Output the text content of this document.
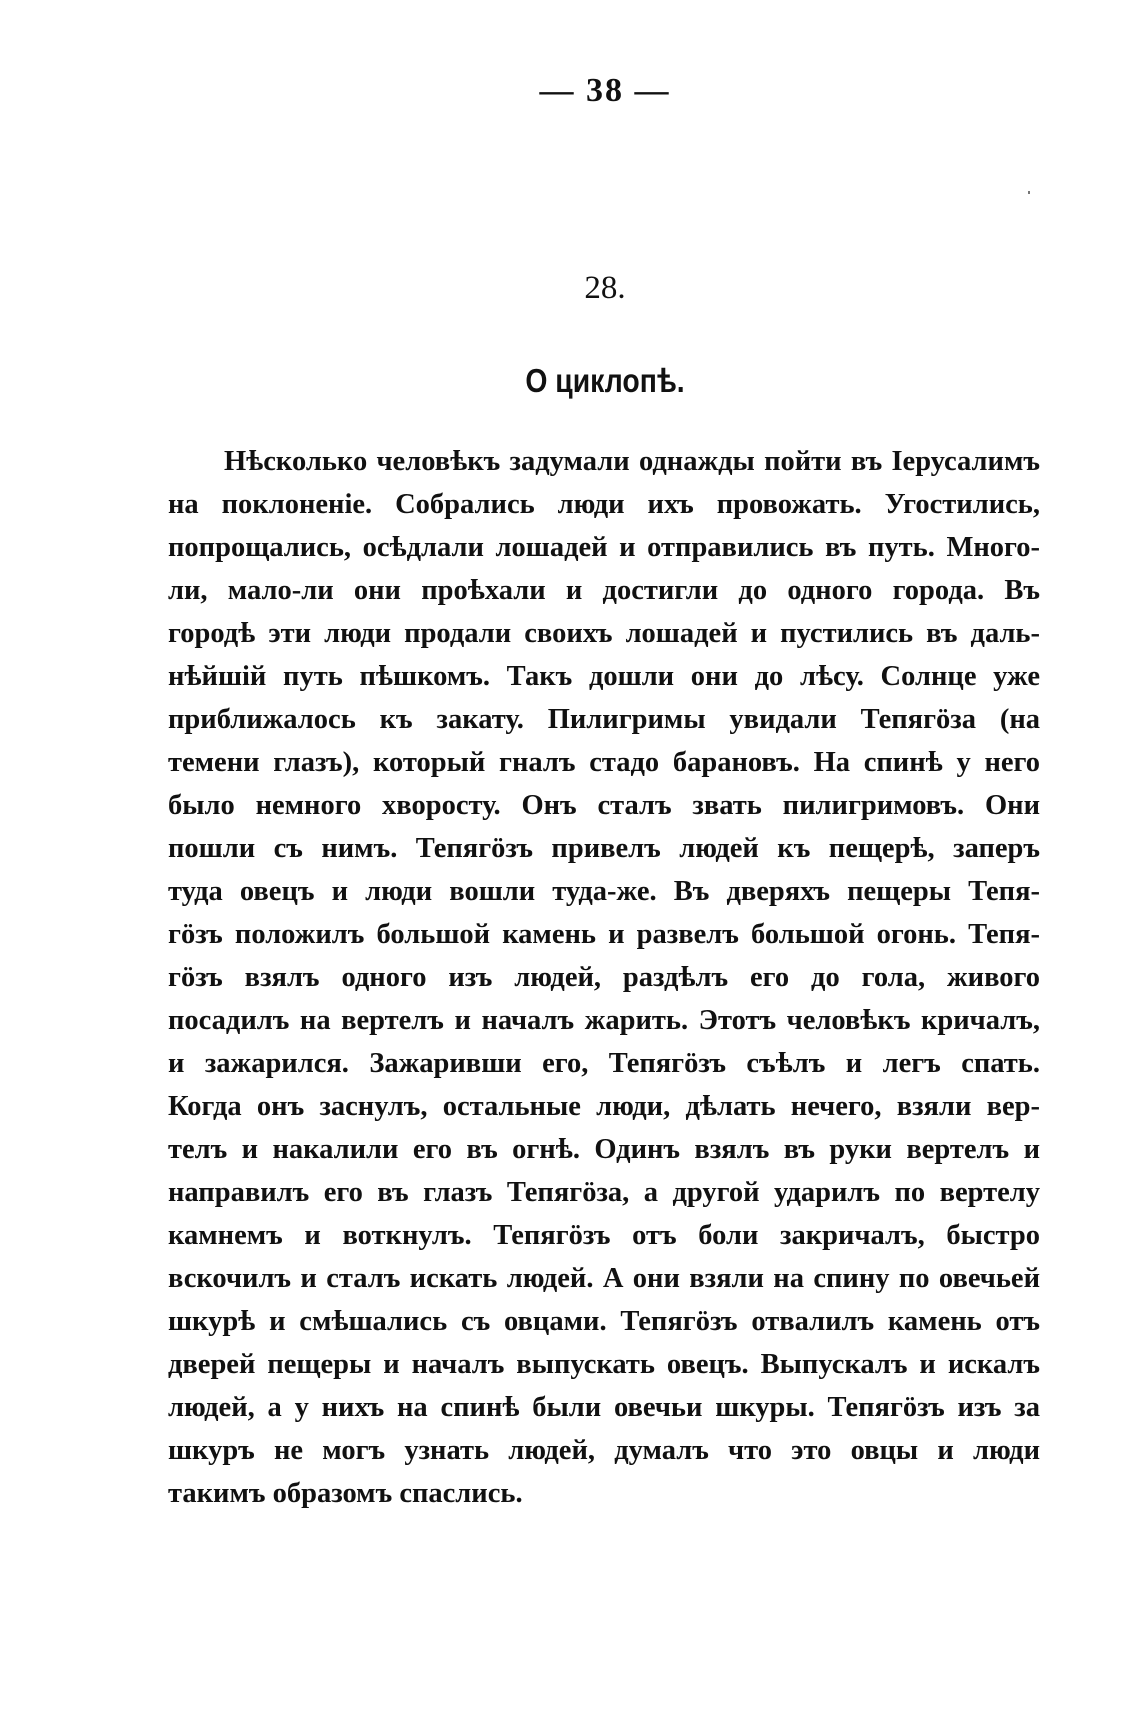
— 38 —
28.
О циклопѣ.
Нѣсколько человѣкъ задумали однажды пойти въ Іерусалимъ
на поклоненіе. Собрались люди ихъ провожать. Угостились,
попрощались, осѣдлали лошадей и отправились въ путь. Много-
ли, мало-ли они проѣхали и достигли до одного города. Въ
городѣ эти люди продали своихъ лошадей и пустились въ даль-
нѣйшій путь пѣшкомъ. Такъ дошли они до лѣсу. Солнце уже
приближалось къ закату. Пилигримы увидали Тепягöза (на
темени глазъ), который гналъ стадо барановъ. На спинѣ у него
было немного хворосту. Онъ сталъ звать пилигримовъ. Они
пошли съ нимъ. Тепягöзъ привелъ людей къ пещерѣ, заперъ
туда овецъ и люди вошли туда-же. Въ дверяхъ пещеры Тепя-
гöзъ положилъ большой камень и развелъ большой огонь. Тепя-
гöзъ взялъ одного изъ людей, раздѣлъ его до гола, живого
посадилъ на вертелъ и началъ жарить. Этотъ человѣкъ кричалъ,
и зажарился. Зажаривши его, Тепягöзъ съѣлъ и легъ спать.
Когда онъ заснулъ, остальные люди, дѣлать нечего, взяли вер-
телъ и накалили его въ огнѣ. Одинъ взялъ въ руки вертелъ и
направилъ его въ глазъ Тепягöза, а другой ударилъ по вертелу
камнемъ и воткнулъ. Тепягöзъ отъ боли закричалъ, быстро
вскочилъ и сталъ искать людей. А они взяли на спину по овечьей
шкурѣ и смѣшались съ овцами. Тепягöзъ отвалилъ камень отъ
дверей пещеры и началъ выпускать овецъ. Выпускалъ и искалъ
людей, а у нихъ на спинѣ были овечьи шкуры. Тепягöзъ изъ за
шкуръ не могъ узнать людей, думалъ что это овцы и люди
такимъ образомъ спаслись.
